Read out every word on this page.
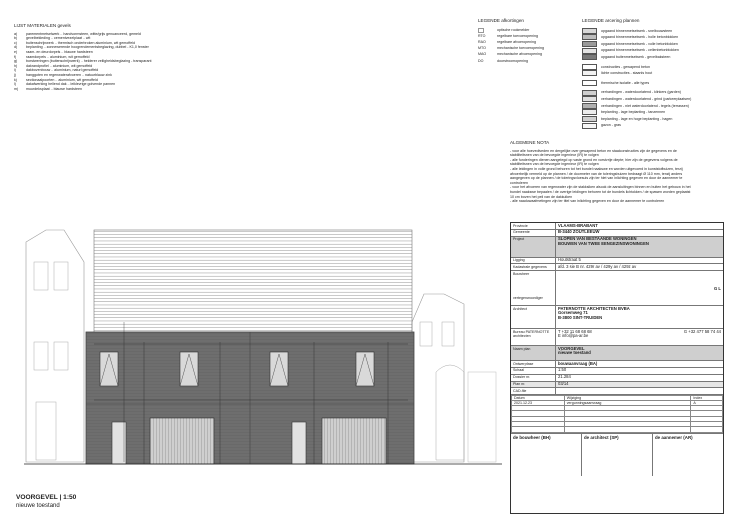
LIJST MATERIALEN gevels
a)	parementmetselwerk .. handvormsteen, witte/grijs genuanceerd, gemeld
b)	gevelbekleding .. cementvezelplaat .. wit
c)	buitenschrijnwerk .. thermisch onderbroken aluminium, wit gemoffeld
d)	beplanting .. zonnewerende hoogrendementsbeglazing, dubbel - K1,0 fenster
e)	raam- en deurdorpels .. blauwe hardsteen
f)	raamdorpels .. aluminium, wit gemoffeld
g)	borstweringen (buitenschrijnwerk) .. helderer veiligheidsbeglazing - transparant
h)	dakrandprofiel .. aluminium, wit gemoffeld
i)	dakbovenbouw .. aluminium, naturl gemoffeld
j)	hanggoten en regenwaterafvoeren .. natuurblauw zink
k)	sectionaalpoorten .. aluminium, wit gemoffeld
l)	dakafwerking hellend dak .. leiklevrige golvende pannen
m)	muurdeksplaat .. blauwe hardsteen
LEGENDE afkortingen
optische rookmelder
RTO	regelbare toevoeropening
RAO	regelbare afvoeropening
MTO	mechanische toevoeropening
MAO	mechanische afvoeropening
DO	doorstroomopening
LEGENDE arcering plannen
opgaand binnenmetselwerk - snelbouwsteen
opgaand binnenmetselwerk - holle betonblokken
opgaand binnenmetselwerk - volle betonblokken
opgaand binnenmetselwerk - cellenbetonblokken
opgaand buitenmetselwerk - gevelbaksteen
constructies - gewapend beton
lichte constructies - staanls hout
thermische isolatie - alle types
verhardingen - waterdoorlatend - klinkers (garden)
verhardingen - waterdoorlatend - grind (parkeerplaatsen)
verhardingen - niet waterdoorlatend - tegels (terrassen)
beplanting - lage beplanting - tanzennen
beplanting - lage en hoge beplanting - hagen
gazon - gras
ALGEMENE NOTA
- voor alle hoevediveden en dergelijke over gewapend beton en staalconstructies zijn de gegevens en de
stabiliteitsnen van de bevoegde ingenieur (IR) te volgen
- alle funderingen dienen aangelegd op vaste grond en vorstvrije diepte; hier zijn de gegevens volgens de
stabiliteitsnen van de bevoegde ingenieur (IR) te volgen
- alle leidingen in volle grond behoren tot het bundel naakswe en worden uitgevoerd in kunststofbuizen, terzij
afvoerbelijk vermeld op de plannen / de doormeter van de toleringsbuizen bedraagt Ø 110 mm, tenzij anders
aangegeven op de plannen / de toleringsvloesuis zijn ter hlet van inlichting gegeven en door de aannemer te
controleren
- voor het afvoeren van regenwater zijn de stakksiken alsook de aansluitingen binnen en buiten het gebouw in het
bundel naakswe bepaalen / de overige leidingen behoren tot de bundels lichtokken / de spawen worden geplaatst
10 cm boven het peil van de dakkuiken
- alle naaduwaafmetingen zijn ter titel van inlichting gegeven en door de aannemer te controleren
VOORGEVEL | 1:50
nieuwe toestand
Provincie	VLAAMS-BRABANT
Gemeente	B-3440 ZOUTLEEUW
Project	SLOPEN VAN BESTAANDE WONINGEN
BOUWEN VAN TWEE EENGEZINSWONINGEN
Ligging	Houtstraat 5
Kadastrale gegevens	afd. 3 sie B nr. 429r av / 429y av / 429z av
Bouwheer
vertegenwoordiger
G L
Architect	PATERNOTTE ARCHITECTEN BVBA
Gorsemweg 71
B-3800 SINT-TRUIDEN
Bureau PATERNOTTE architecten
T +32 11 68 68 68	G +32 477 58 74 44
E info@pa-ar.be
Naam plan	VOORGEVEL
nieuwe toestand
Ontwerpfase	bouwaanvraag (BA)
Schaal	1:50
Dossier nr.	21.284
Plan nr.	03/14
CAD-file
Datum	Wijziging	Index
2021.12.23	vergunningsaanvraag	A

de bouwheer (BH)	de architect (SP)	de aannemer (AR)
